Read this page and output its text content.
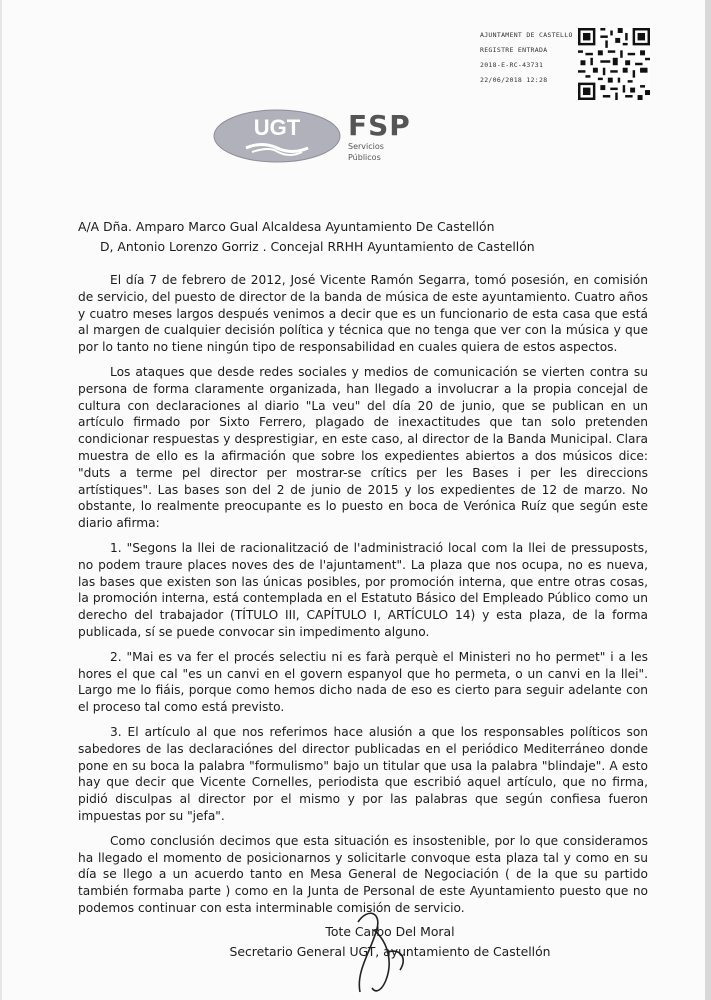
AJUNTAMENT DE CASTELLO
REGISTRE ENTRADA
2018-E-RC-43731
22/06/2018 12:28
UGT FSP
Servicios
Públicos
A/A Dña. Amparo Marco Gual Alcaldesa Ayuntamiento De Castellón
D, Antonio Lorenzo Gorriz . Concejal RRHH Ayuntamiento de Castellón

El día 7 de febrero de 2012, José Vicente Ramón Segarra, tomó posesión, en comisión de servicio, del puesto de director de la banda de música de este ayuntamiento. Cuatro años y cuatro meses largos después venimos a decir que es un funcionario de esta casa que está al margen de cualquier decisión política y técnica que no tenga que ver con la música y que por lo tanto no tiene ningún tipo de responsabilidad en cuales quiera de estos aspectos.

Los ataques que desde redes sociales y medios de comunicación se vierten contra su persona de forma claramente organizada, han llegado a involucrar a la propia concejal de cultura con declaraciones al diario "La veu" del día 20 de junio, que se publican en un artículo firmado por Sixto Ferrero, plagado de inexactitudes que tan solo pretenden condicionar respuestas y desprestigiar, en este caso, al director de la Banda Municipal. Clara muestra de ello es la afirmación que sobre los expedientes abiertos a dos músicos dice: "duts a terme pel director per mostrar-se crítics per les Bases i per les direccions artístiques". Las bases son del 2 de junio de 2015 y los expedientes de 12 de marzo. No obstante, lo realmente preocupante es lo puesto en boca de Verónica Ruíz que según este diario afirma:

1. "Segons la llei de racionalització de l'administració local com la llei de pressuposts, no podem traure places noves des de l'ajuntament". La plaza que nos ocupa, no es nueva, las bases que existen son las únicas posibles, por promoción interna, que entre otras cosas, la promoción interna, está contemplada en el Estatuto Básico del Empleado Público como un derecho del trabajador (TÍTULO III, CAPÍTULO I, ARTÍCULO 14) y esta plaza, de la forma publicada, sí se puede convocar sin impedimento alguno.

2. "Mai es va fer el procés selectiu ni es farà perquè el Ministeri no ho permet" i a les hores el que cal "es un canvi en el govern espanyol que ho permeta, o un canvi en la llei". Largo me lo fiáis, porque como hemos dicho nada de eso es cierto para seguir adelante con el proceso tal como está previsto.

3. El artículo al que nos referimos hace alusión a que los responsables políticos son sabedores de las declaraciónes del director publicadas en el periódico Mediterráneo donde pone en su boca la palabra "formulismo" bajo un titular que usa la palabra "blindaje". A esto hay que decir que Vicente Cornelles, periodista que escribió aquel artículo, que no firma, pidió disculpas al director por el mismo y por las palabras que según confiesa fueron impuestas por su "jefa".

Como conclusión decimos que esta situación es insostenible, por lo que consideramos ha llegado el momento de posicionarnos y solicitarle convoque esta plaza tal y como en su día se llego a un acuerdo tanto en Mesa General de Negociación ( de la que su partido también formaba parte ) como en la Junta de Personal de este Ayuntamiento puesto que no podemos continuar con esta interminable comisión de servicio.

Tote Carbo Del Moral
Secretario General UGT, ayuntamiento de Castellón
